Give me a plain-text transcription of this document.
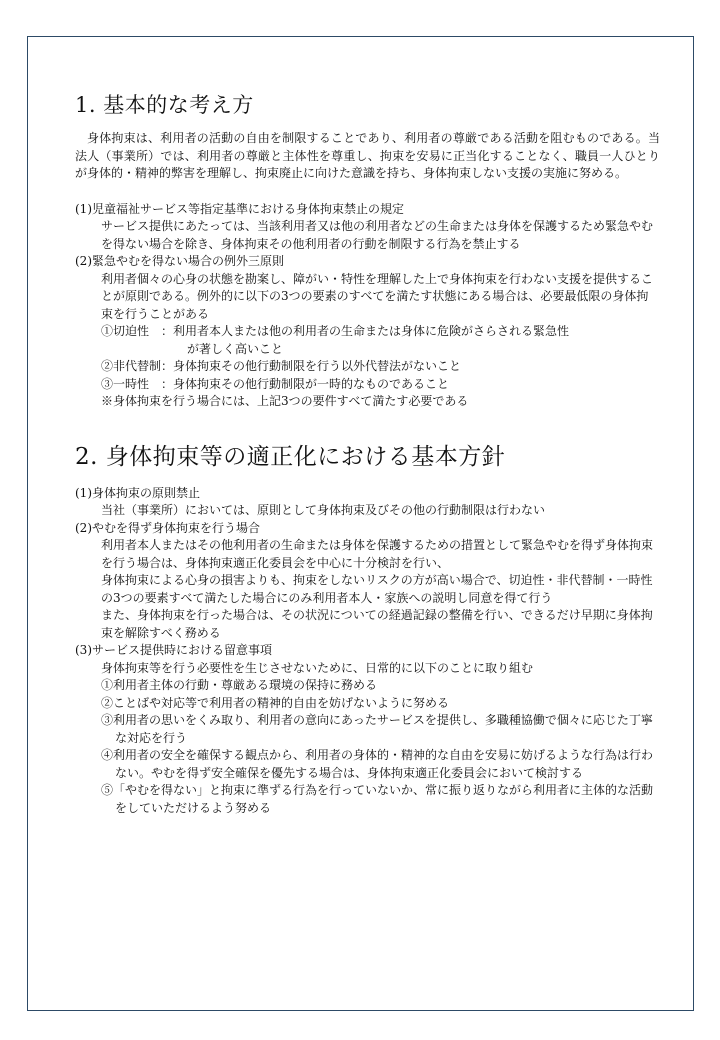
1. 基本的な考え方

身体拘束は、利用者の活動の自由を制限することであり、利用者の尊厳である活動を阻むものである。当法人（事業所）では、利用者の尊厳と主体性を尊重し、拘束を安易に正当化することなく、職員一人ひとりが身体的・精神的弊害を理解し、拘束廃止に向けた意識を持ち、身体拘束しない支援の実施に努める。

(1)児童福祉サービス等指定基準における身体拘束禁止の規定

サービス提供にあたっては、当該利用者又は他の利用者などの生命または身体を保護するため緊急やむを得ない場合を除き、身体拘束その他利用者の行動を制限する行為を禁止する

(2)緊急やむを得ない場合の例外三原則

利用者個々の心身の状態を勘案し、障がい・特性を理解した上で身体拘束を行わない支援を提供することが原則である。例外的に以下の3つの要素のすべてを満たす状態にある場合は、必要最低限の身体拘束を行うことがある

①切迫性　：利用者本人または他の利用者の生命または身体に危険がさらされる緊急性

が著しく高いこと

②非代替制：身体拘束その他行動制限を行う以外代替法がないこと

③一時性　：身体拘束その他行動制限が一時的なものであること

※身体拘束を行う場合には、上記3つの要件すべて満たす必要である

2. 身体拘束等の適正化における基本方針

(1)身体拘束の原則禁止

当社（事業所）においては、原則として身体拘束及びその他の行動制限は行わない

(2)やむを得ず身体拘束を行う場合

利用者本人またはその他利用者の生命または身体を保護するための措置として緊急やむを得ず身体拘束を行う場合は、身体拘束適正化委員会を中心に十分検討を行い、

身体拘束による心身の損害よりも、拘束をしないリスクの方が高い場合で、切迫性・非代替制・一時性の3つの要素すべて満たした場合にのみ利用者本人・家族への説明し同意を得て行う

また、身体拘束を行った場合は、その状況についての経過記録の整備を行い、できるだけ早期に身体拘束を解除すべく務める

(3)サービス提供時における留意事項

身体拘束等を行う必要性を生じさせないために、日常的に以下のことに取り組む

①利用者主体の行動・尊厳ある環境の保持に務める

②ことばや対応等で利用者の精神的自由を妨げないように努める

③利用者の思いをくみ取り、利用者の意向にあったサービスを提供し、多職種協働で個々に応じた丁寧な対応を行う

④利用者の安全を確保する観点から、利用者の身体的・精神的な自由を安易に妨げるような行為は行わない。やむを得ず安全確保を優先する場合は、身体拘束適正化委員会において検討する

⑤「やむを得ない」と拘束に準ずる行為を行っていないか、常に振り返りながら利用者に主体的な活動をしていただけるよう努める
